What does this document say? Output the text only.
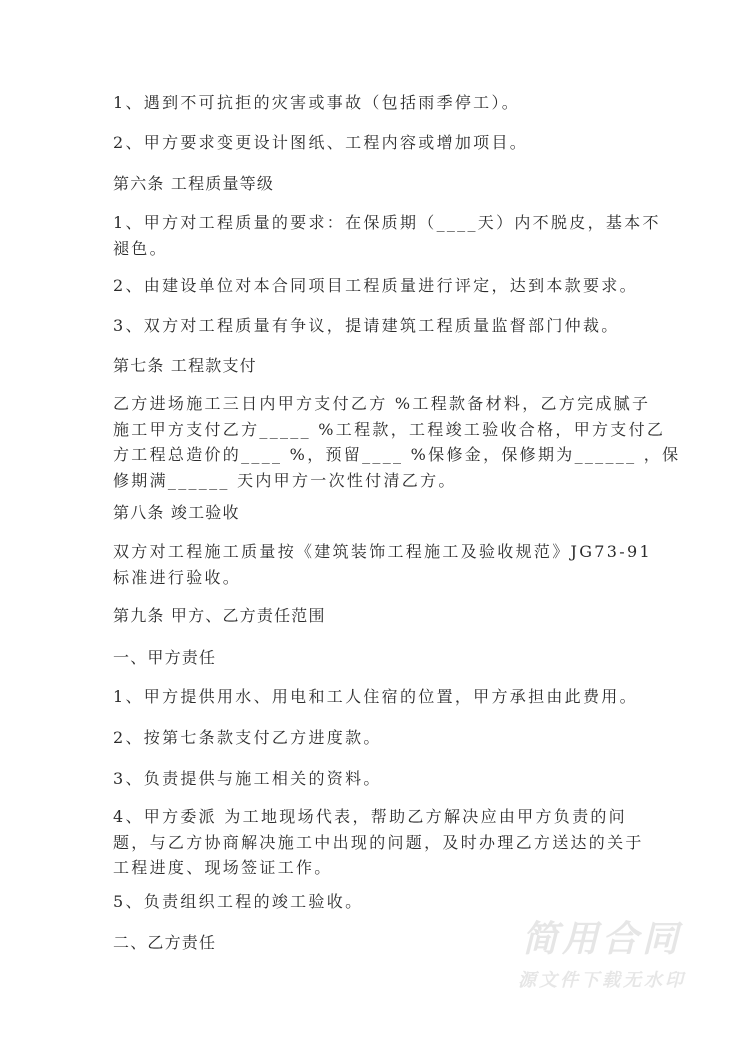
1、遇到不可抗拒的灾害或事故（包括雨季停工）。
2、甲方要求变更设计图纸、工程内容或增加项目。
第六条 工程质量等级
1、甲方对工程质量的要求：在保质期（____天）内不脱皮，基本不
褪色。
2、由建设单位对本合同项目工程质量进行评定，达到本款要求。
3、双方对工程质量有争议，提请建筑工程质量监督部门仲裁。
第七条 工程款支付
乙方进场施工三日内甲方支付乙方 %工程款备材料，乙方完成腻子
施工甲方支付乙方_____ %工程款，工程竣工验收合格，甲方支付乙
方工程总造价的____ %，预留____ %保修金，保修期为______ ，保
修期满______ 天内甲方一次性付清乙方。
第八条 竣工验收
双方对工程施工质量按《建筑装饰工程施工及验收规范》JG73-91
标准进行验收。
第九条 甲方、乙方责任范围
一、甲方责任
1、甲方提供用水、用电和工人住宿的位置，甲方承担由此费用。
2、按第七条款支付乙方进度款。
3、负责提供与施工相关的资料。
4、甲方委派 为工地现场代表，帮助乙方解决应由甲方负责的问
题，与乙方协商解决施工中出现的问题，及时办理乙方送达的关于
工程进度、现场签证工作。
5、负责组织工程的竣工验收。
二、乙方责任	简用合同
源文件下载无水印
